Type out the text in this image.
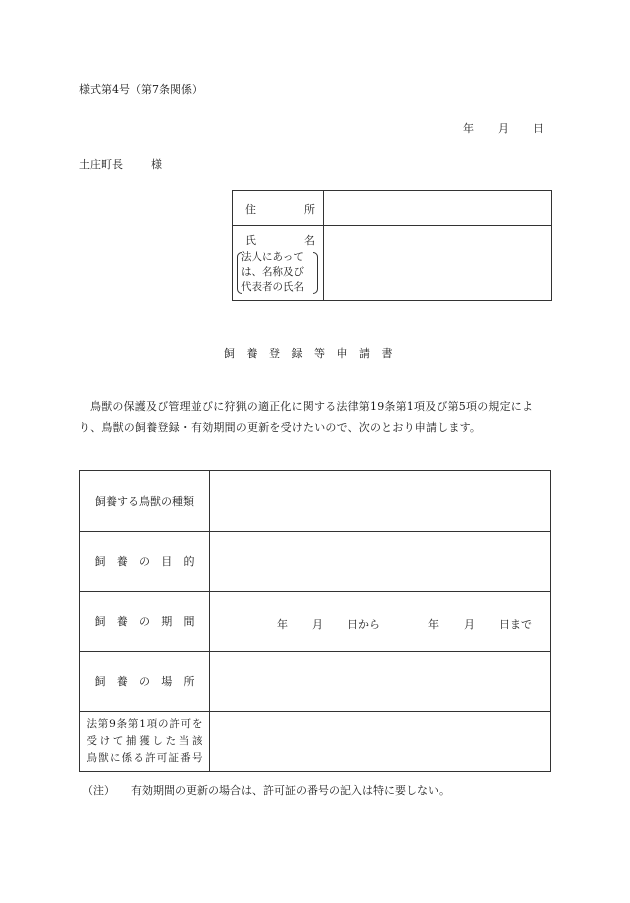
様式第4号（第7条関係）
年 月 日
土庄町長	様
住	所
氏	名
法人にあって
は、名称及び
代表者の氏名
飼養登録等申請書
鳥獣の保護及び管理並びに狩猟の適正化に関する法律第19条第1項及び第5項の規定により、鳥獣の飼養登録・有効期間の更新を受けたいので、次のとおり申請します。
飼養する鳥獣の種類
飼 養 の 目 的
飼 養 の 期 間	年 月 日から	年 月 日まで
飼 養 の 場 所
法第9条第1項の許可を
受けて捕獲した当該
鳥獣に係る許可証番号
（注） 有効期間の更新の場合は、許可証の番号の記入は特に要しない。
